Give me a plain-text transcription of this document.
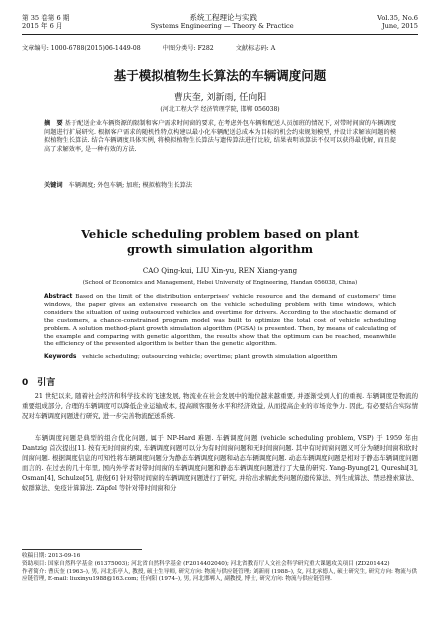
第 35 卷第 6 期	系统工程理论与实践	Vol.35, No.6
2015 年 6 月	Systems Engineering — Theory & Practice	June, 2015
文章编号: 1000-6788(2015)06-1449-08	中图分类号: F282	文献标志码: A
基于模拟植物生长算法的车辆调度问题
曹庆奎, 刘新雨, 任向阳
(河北工程大学 经济管理学院, 邯郸 056038)
摘　要 基于配送企业车辆资源的限制和客户需求时间窗的要求, 在考虑外包车辆和配送人员加班的情况下, 对带时间窗的车辆调度问题进行扩展研究. 根据客户需求的随机性特点构建以最小化车辆配送总成本为目标的机会约束规划模型, 并设计求解该问题的模拟植物生长算法. 结合车辆调度具体实例, 将模拟植物生长算法与遗传算法进行比较, 结果表明该算法不仅可以获得最优解, 而且提高了求解效率, 是一种有效的方法.
关键词 车辆调度; 外包车辆; 加班; 模拟植物生长算法
Vehicle scheduling problem based on plant growth simulation algorithm
CAO Qing-kui, LIU Xin-yu, REN Xiang-yang
(School of Economics and Management, Hebei University of Engineering, Handan 056038, China)
Abstract Based on the limit of the distribution enterprises' vehicle resource and the demand of customers' time windows, the paper gives an extensive research on the vehicle scheduling problem with time windows, which considers the situation of using outsourced vehicles and overtime for drivers. According to the stochastic demand of the customers, a chance-constrained program model was built to optimize the total cost of vehicle scheduling problem. A solution method-plant growth simulation algorithm (PGSA) is presented. Then, by means of calculating of the example and comparing with genetic algorithm, the results show that the optimum can be reached, meanwhile the efficiency of the presented algorithm is better than the genetic algorithm.
Keywords vehicle scheduling; outsourcing vehicle; overtime; plant growth simulation algorithm
0　引言
21 世纪以来, 随着社会经济和科学技术的飞速发展, 物流业在社会发展中的地位越来越重要, 并逐渐受到人们的重视. 车辆调度是物流的重要组成部分, 合理的车辆调度可以降低企业运输成本, 提高顾客服务水平和经济效益, 从而提高企业的市场竞争力. 因此, 有必要结合实际情况对车辆调度问题进行研究, 进一步完善物流配送系统.
车辆调度问题是典型的组合优化问题, 属于 NP-Hard 难题. 车辆调度问题 (vehicle scheduling problem, VSP) 于 1959 年由 Dantzig 首次提出[1]. 按有无时间窗约束, 车辆调度问题可以分为有时间窗问题和无时间窗问题. 其中有时间窗问题又可分为硬时间窗和软时间窗问题. 根据调度信息的可知性将车辆调度问题分为静态车辆调度问题和动态车辆调度问题. 动态车辆调度问题是相对于静态车辆调度问题而言的. 在过去的几十年里, 国内外学者对带时间窗的车辆调度问题和静态车辆调度问题进行了大量的研究. Yang-Byung[2], Qureshi[3], Osman[4], Schulze[5], 唐俊[6] 针对带时间窗的车辆调度问题进行了研究, 并给出求解此类问题的遗传算法、列生成算法、禁忌搜索算法、蚁群算法、免疫计算算法. Zäpfel 等针对带时间窗和分
收稿日期: 2013-09-16
资助项目: 国家自然科学基金 (61375003); 河北省自然科学基金 (F2014402040); 河北省教育厅人文社会科学研究重大课题攻关项目 (ZD201442)
作者简介: 曹庆奎 (1963–), 男, 河北乐亭人, 教授, 硕士生导师, 研究方向: 物流与供应链管理; 刘新雨 (1988–), 女, 河北承德人, 硕士研究生, 研究方向: 物流与供应链管理, E-mail: liuxinyu1988@163.com; 任向阳 (1974–), 男, 河北邯郸人, 副教授, 博士, 研究方向: 物流与供应链管理.
